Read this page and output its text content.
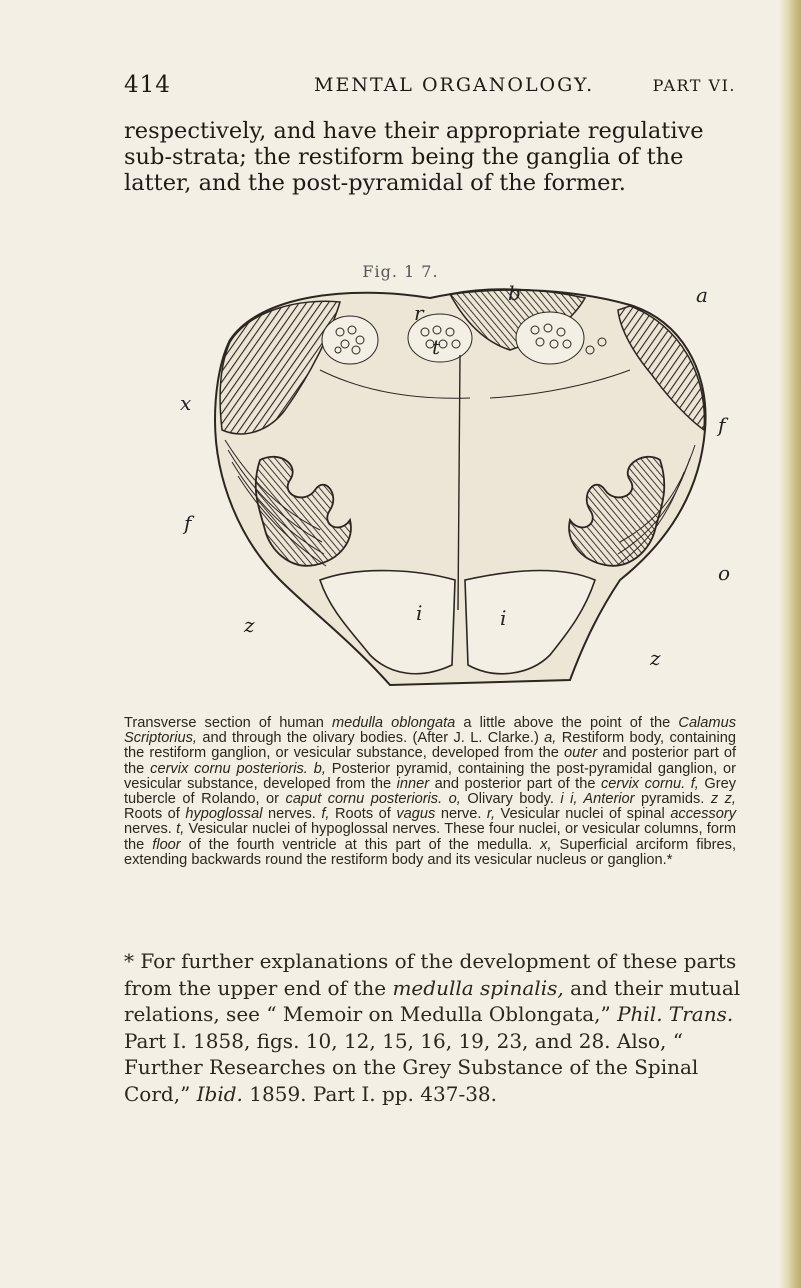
414	MENTAL ORGANOLOGY.	PART VI.

respectively, and have their appropriate regulative sub-strata; the restiform being the ganglia of the latter, and the post-pyramidal of the former.

Fig. 1 7.
b	a
r
t
x
f
f
o
i	i
z
z

Transverse section of human medulla oblongata a little above the point of the Calamus Scriptorius, and through the olivary bodies. (After J. L. Clarke.) a, Restiform body, containing the restiform ganglion, or vesicular substance, developed from the outer and posterior part of the cervix cornu posterioris. b, Posterior pyramid, containing the post-pyramidal ganglion, or vesicular substance, developed from the inner and posterior part of the cervix cornu. f, Grey tubercle of Rolando, or caput cornu posterioris. o, Olivary body. i i, Anterior pyramids. z z, Roots of hypoglossal nerves. f, Roots of vagus nerve. r, Vesicular nuclei of spinal accessory nerves. t, Vesicular nuclei of hypoglossal nerves. These four nuclei, or vesicular columns, form the floor of the fourth ventricle at this part of the medulla. x, Superficial arciform fibres, extending backwards round the restiform body and its vesicular nucleus or ganglion.*

* For further explanations of the development of these parts from the upper end of the medulla spinalis, and their mutual relations, see “ Memoir on Medulla Oblongata,” Phil. Trans. Part I. 1858, figs. 10, 12, 15, 16, 19, 23, and 28. Also, “ Further Researches on the Grey Substance of the Spinal Cord,” Ibid. 1859. Part I. pp. 437-38.
